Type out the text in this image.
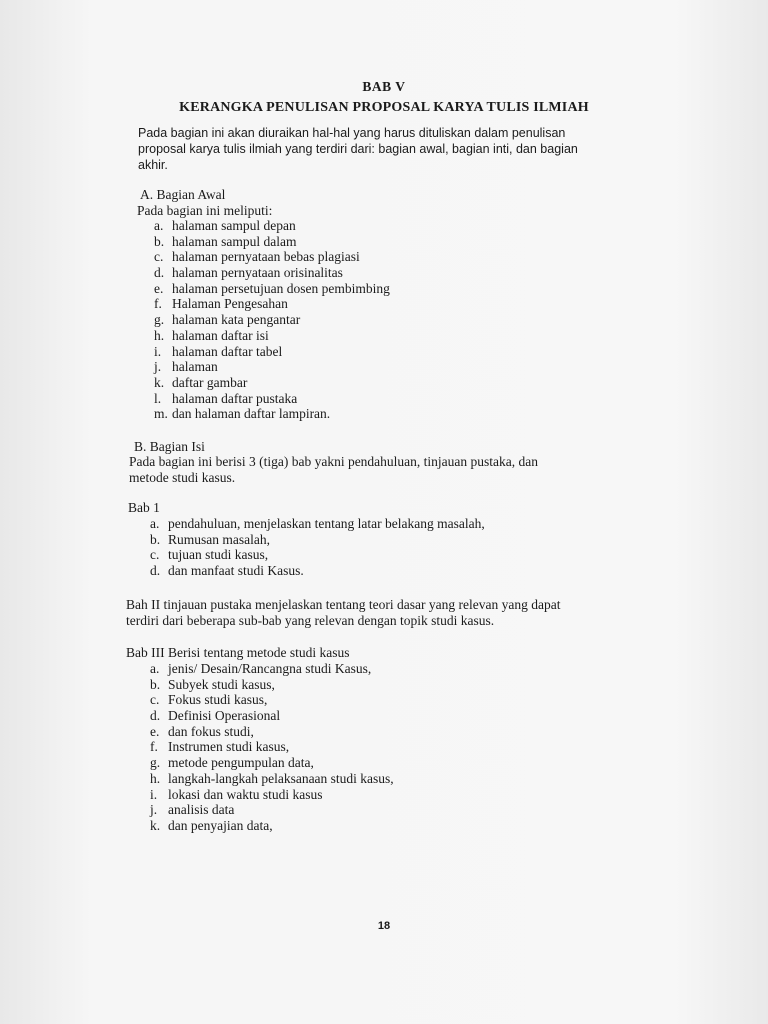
BAB V

KERANGKA PENULISAN PROPOSAL KARYA TULIS ILMIAH

Pada bagian ini akan diuraikan hal-hal yang harus dituliskan dalam penulisan

proposal karya tulis ilmiah yang terdiri dari: bagian awal, bagian inti, dan bagian

akhir.

A. Bagian Awal

Pada bagian ini meliputi:

a. halaman sampul depan
b. halaman sampul dalam
c. halaman pernyataan bebas plagiasi
d. halaman pernyataan orisinalitas
e. halaman persetujuan dosen pembimbing
f. Halaman Pengesahan
g. halaman kata pengantar
h. halaman daftar isi
i. halaman daftar tabel
j. halaman
k. daftar gambar
l. halaman daftar pustaka
m. dan halaman daftar lampiran.

B. Bagian Isi

Pada bagian ini berisi 3 (tiga) bab yakni pendahuluan, tinjauan pustaka, dan

metode studi kasus.

Bab 1

a. pendahuluan, menjelaskan tentang latar belakang masalah,
b. Rumusan masalah,
c. tujuan studi kasus,
d. dan manfaat studi Kasus.

Bah II tinjauan pustaka menjelaskan tentang teori dasar yang relevan yang dapat

terdiri dari beberapa sub-bab yang relevan dengan topik studi kasus.

Bab III Berisi tentang metode studi kasus

a. jenis/ Desain/Rancangna studi Kasus,
b. Subyek studi kasus,
c. Fokus studi kasus,
d. Definisi Operasional
e. dan fokus studi,
f. Instrumen studi kasus,
g. metode pengumpulan data,
h. langkah-langkah pelaksanaan studi kasus,
i. lokasi dan waktu studi kasus
j. analisis data
k. dan penyajian data,

18
